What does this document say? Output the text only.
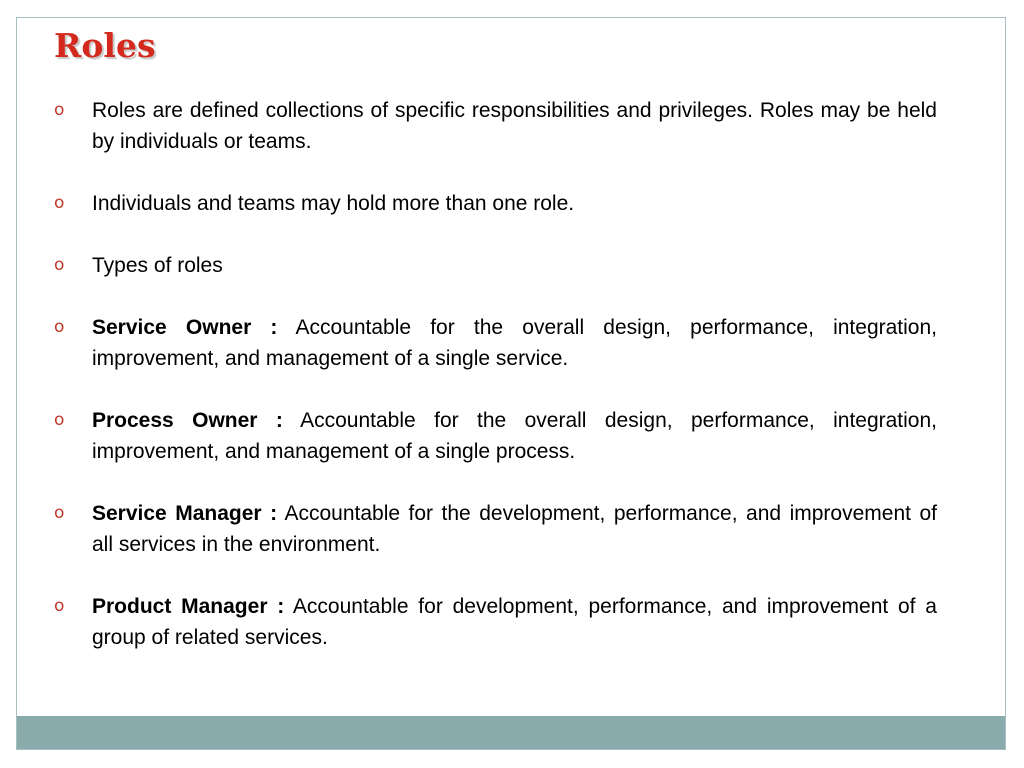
Roles
o Roles are defined collections of specific responsibilities and privileges. Roles may be held by individuals or teams.
o Individuals and teams may hold more than one role.
o Types of roles
o Service Owner : Accountable for the overall design, performance, integration, improvement, and management of a single service.
o Process Owner : Accountable for the overall design, performance, integration, improvement, and management of a single process.
o Service Manager : Accountable for the development, performance, and improvement of all services in the environment.
o Product Manager : Accountable for development, performance, and improvement of a group of related services.
